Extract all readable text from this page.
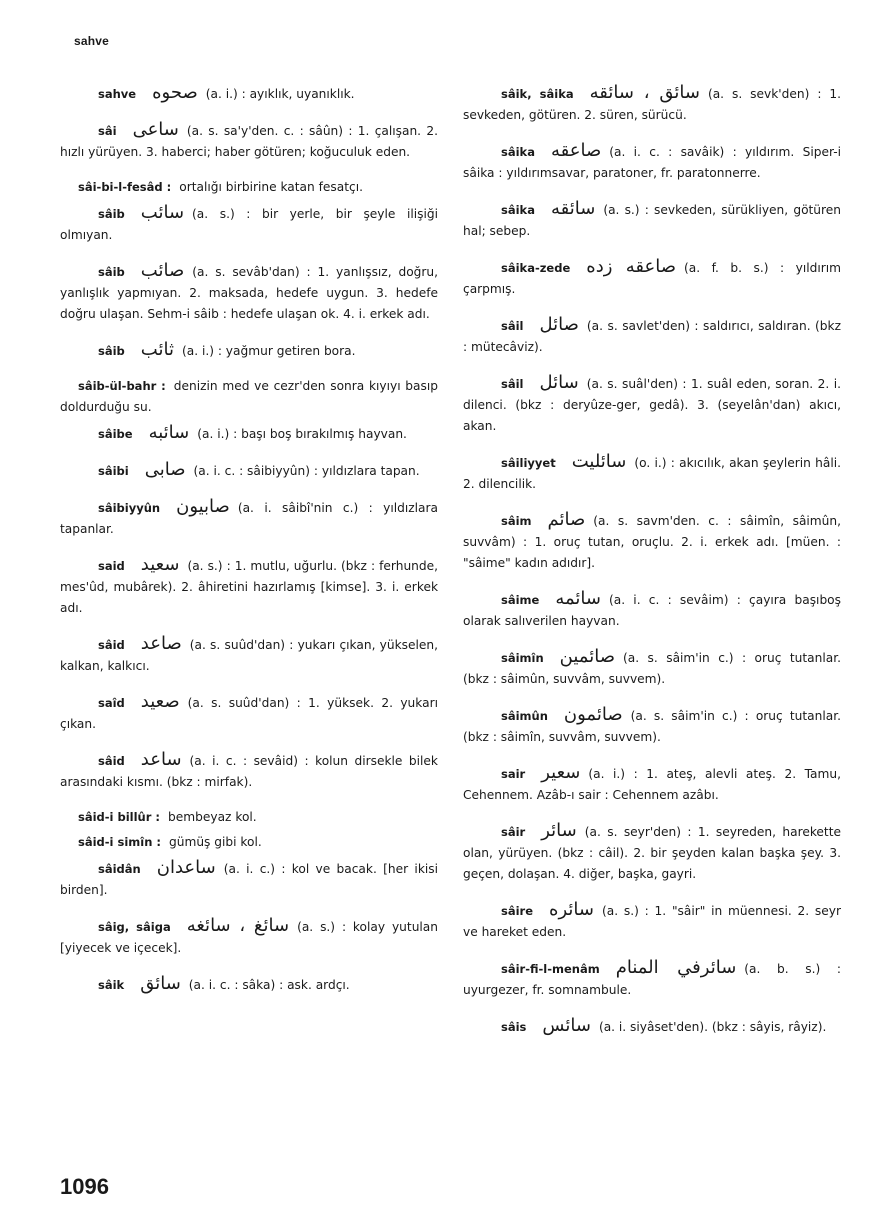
sahve
sahve صحوه (a. i.) : ayıklık, uyanıklık.
sâi ساعى (a. s. sa'y'den. c. : sâûn) : 1. çalışan. 2. hızlı yürüyen. 3. haberci; haber götüren; koğuculuk eden.
sâi-bi-l-fesâd : ortalığı birbirine katan fesatçı.
sâib سائب (a. s.) : bir yerle, bir şeyle ilişiği olmıyan.
sâib صائب (a. s. sevâb'dan) : 1. yanlışsız, doğru, yanlışlık yapmıyan. 2. maksada, hedefe uygun. 3. hedefe doğru ulaşan. Sehm-i sâib : hedefe ulaşan ok. 4. i. erkek adı.
sâib ثائب (a. i.) : yağmur getiren bora.
sâib-ül-bahr : denizin med ve cezr'den sonra kıyıyı basıp doldurduğu su.
sâibe سائبه (a. i.) : başı boş bırakılmış hayvan.
sâibi صابى (a. i. c. : sâibiyyûn) : yıldızlara tapan.
sâibiyyûn صابيون (a. i. sâibî'nin c.) : yıldızlara tapanlar.
said سعيد (a. s.) : 1. mutlu, uğurlu. (bkz : ferhunde, mes'ûd, mubârek). 2. âhiretini hazırlamış [kimse]. 3. i. erkek adı.
sâid صاعد (a. s. suûd'dan) : yukarı çıkan, yükselen, kalkan, kalkıcı.
saîd صعيد (a. s. suûd'dan) : 1. yüksek. 2. yukarı çıkan.
sâid ساعد (a. i. c. : sevâid) : kolun dirsekle bilek arasındaki kısmı. (bkz : mirfak).
sâid-i billûr : bembeyaz kol.
sâid-i simîn : gümüş gibi kol.
sâidân ساعدان (a. i. c.) : kol ve bacak. [her ikisi birden].
sâig, sâiga سائغ ، سائغه (a. s.) : kolay yutulan [yiyecek ve içecek].
sâik سائق (a. i. c. : sâka) : ask. ardçı.
sâik, sâika سائق ، سائقه (a. s. sevk'den) : 1. sevkeden, götüren. 2. süren, sürücü.
sâika صاعقه (a. i. c. : savâik) : yıldırım. Siper-i sâika : yıldırımsavar, paratoner, fr. paratonnerre.
sâika سائقه (a. s.) : sevkeden, sürükliyen, götüren hal; sebep.
sâika-zede صاعقه زده (a. f. b. s.) : yıldırım çarpmış.
sâil صائل (a. s. savlet'den) : saldırıcı, saldıran. (bkz : mütecâviz).
sâil سائل (a. s. suâl'den) : 1. suâl eden, soran. 2. i. dilenci. (bkz : deryûze-ger, gedâ). 3. (seyelân'dan) akıcı, akan.
sâiliyyet سائليت (o. i.) : akıcılık, akan şeylerin hâli. 2. dilencilik.
sâim صائم (a. s. savm'den. c. : sâimîn, sâimûn, suvvâm) : 1. oruç tutan, oruçlu. 2. i. erkek adı. [müen. : "sâime" kadın adıdır].
sâime سائمه (a. i. c. : sevâim) : çayıra başıboş olarak salıverilen hayvan.
sâimîn صائمين (a. s. sâim'in c.) : oruç tutanlar. (bkz : sâimûn, suvvâm, suvvem).
sâimûn صائمون (a. s. sâim'in c.) : oruç tutanlar. (bkz : sâimîn, suvvâm, suvvem).
sair سعير (a. i.) : 1. ateş, alevli ateş. 2. Tamu, Cehennem. Azâb-ı sair : Cehennem azâbı.
sâir سائر (a. s. seyr'den) : 1. seyreden, harekette olan, yürüyen. (bkz : câil). 2. bir şeyden kalan başka şey. 3. geçen, dolaşan. 4. diğer, başka, gayri.
sâire سائره (a. s.) : 1. "sâir" in müennesi. 2. seyr ve hareket eden.
sâir-fi-l-menâm سائرفي المنام (a. b. s.) : uyurgezer, fr. somnambule.
sâis سائس (a. i. siyâset'den). (bkz : sâyis, râyiz).
1096
